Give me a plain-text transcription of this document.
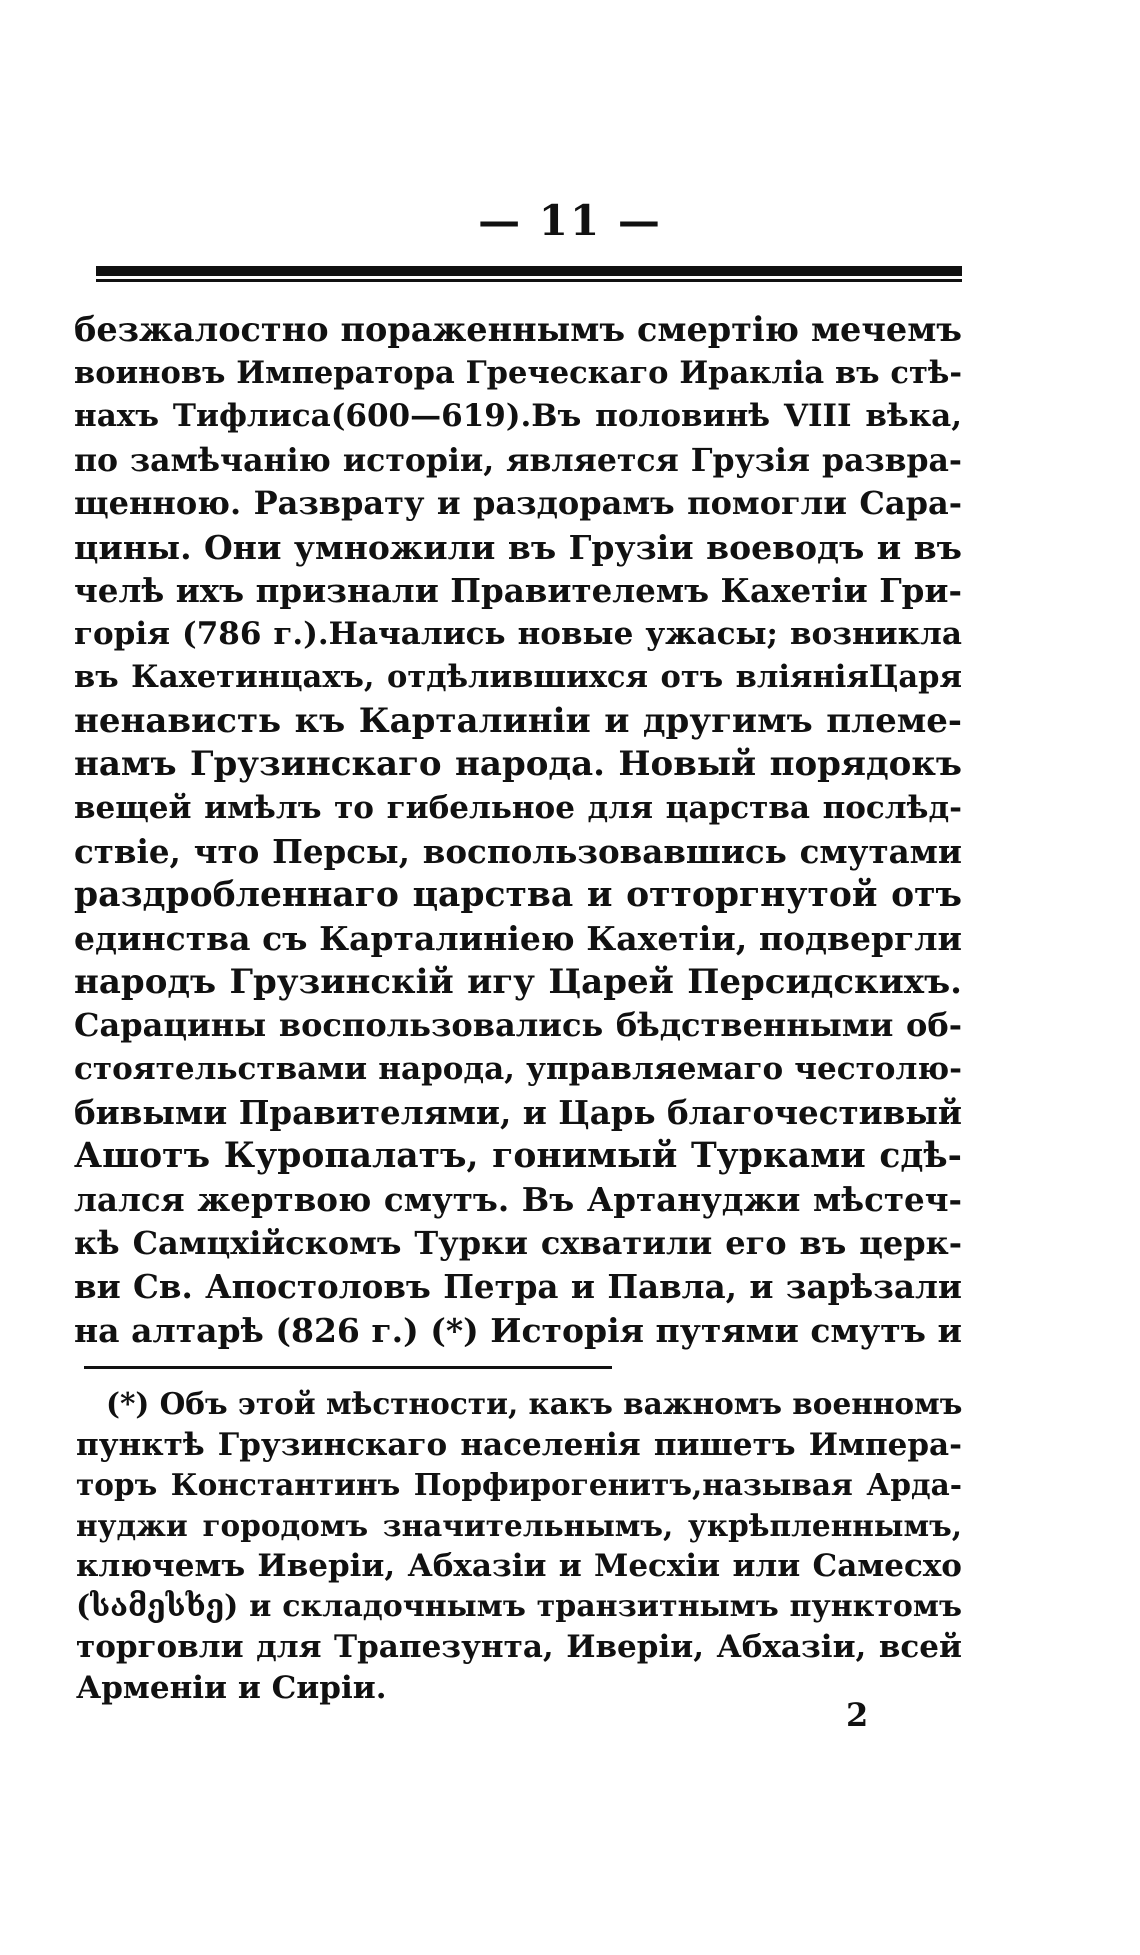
— 11 —
безжалостно пораженнымъ смертію мечемъ
воиновъ Императора Греческаго Иракліа въ стѣ-
нахъ Тифлиса(600—619).Въ половинѣ VIII вѣка,
по замѣчанію исторіи, является Грузія развра-
щенною. Разврату и раздорамъ помогли Сара-
цины. Они умножили въ Грузіи воеводъ и въ
челѣ ихъ признали Правителемъ Кахетіи Гри-
горія (786 г.).Начались новые ужасы; возникла
въ Кахетинцахъ, отдѣлившихся отъ вліяніяЦаря
ненависть къ Карталиніи и другимъ племе-
намъ Грузинскаго народа. Новый порядокъ
вещей имѣлъ то гибельное для царства послѣд-
ствіе, что Персы, воспользовавшись смутами
раздробленнаго царства и отторгнутой отъ
единства съ Карталиніею Кахетіи, подвергли
народъ Грузинскій игу Царей Персидскихъ.
Сарацины воспользовались бѣдственными об-
стоятельствами народа, управляемаго честолю-
бивыми Правителями, и Царь благочестивый
Ашотъ Куропалатъ, гонимый Турками сдѣ-
лался жертвою смутъ. Въ Артануджи мѣстеч-
кѣ Самцхійскомъ Турки схватили его въ церк-
ви Св. Апостоловъ Петра и Павла, и зарѣзали
на алтарѣ (826 г.) (*) Исторія путями смутъ и
(*) Объ этой мѣстности, какъ важномъ военномъ
пунктѣ Грузинскаго населенія пишетъ Импера-
торъ Константинъ Порфирогенитъ,называя Арда-
нуджи городомъ значительнымъ, укрѣпленнымъ,
ключемъ Иверіи, Абхазіи и Месхіи или Самесхо
(სამესხე) и складочнымъ транзитнымъ пунктомъ
торговли для Трапезунта, Иверіи, Абхазіи, всей
Арменіи и Сиріи.
2
